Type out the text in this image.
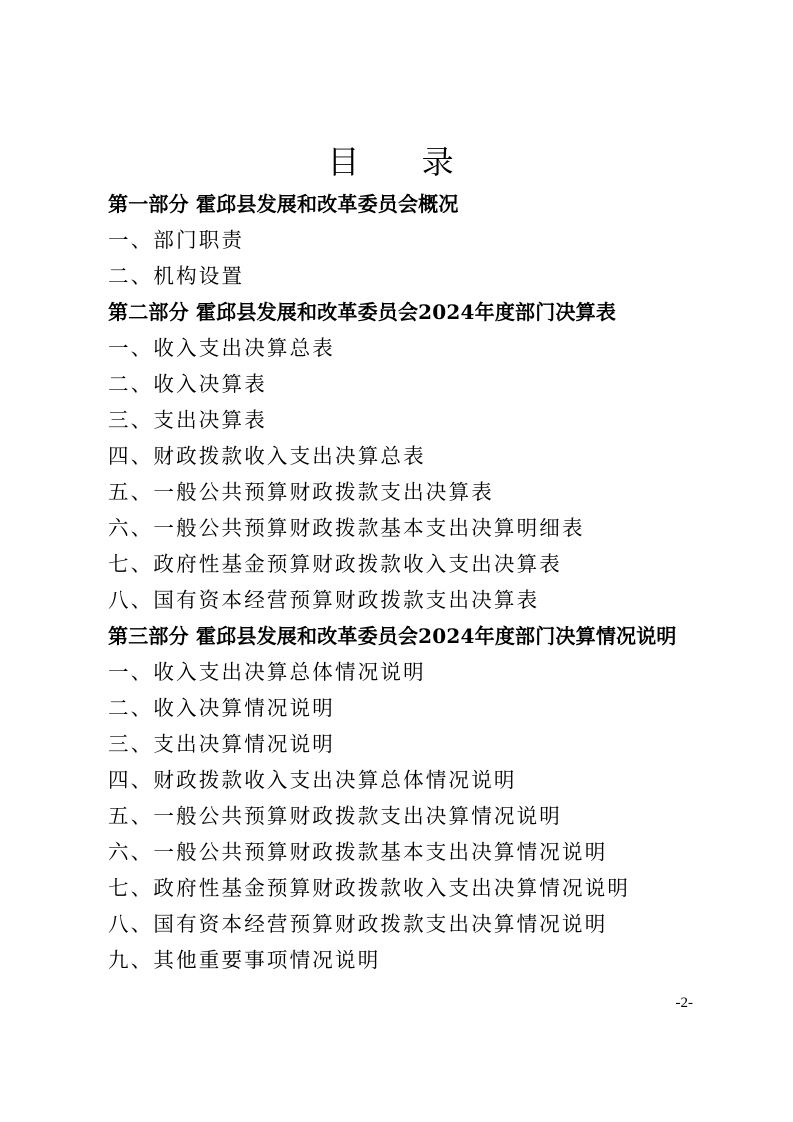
目 录
第一部分 霍邱县发展和改革委员会概况
一、部门职责
二、机构设置
第二部分 霍邱县发展和改革委员会2024年度部门决算表
一、收入支出决算总表
二、收入决算表
三、支出决算表
四、财政拨款收入支出决算总表
五、一般公共预算财政拨款支出决算表
六、一般公共预算财政拨款基本支出决算明细表
七、政府性基金预算财政拨款收入支出决算表
八、国有资本经营预算财政拨款支出决算表
第三部分 霍邱县发展和改革委员会2024年度部门决算情况说明
一、收入支出决算总体情况说明
二、收入决算情况说明
三、支出决算情况说明
四、财政拨款收入支出决算总体情况说明
五、一般公共预算财政拨款支出决算情况说明
六、一般公共预算财政拨款基本支出决算情况说明
七、政府性基金预算财政拨款收入支出决算情况说明
八、国有资本经营预算财政拨款支出决算情况说明
九、其他重要事项情况说明
-2-
